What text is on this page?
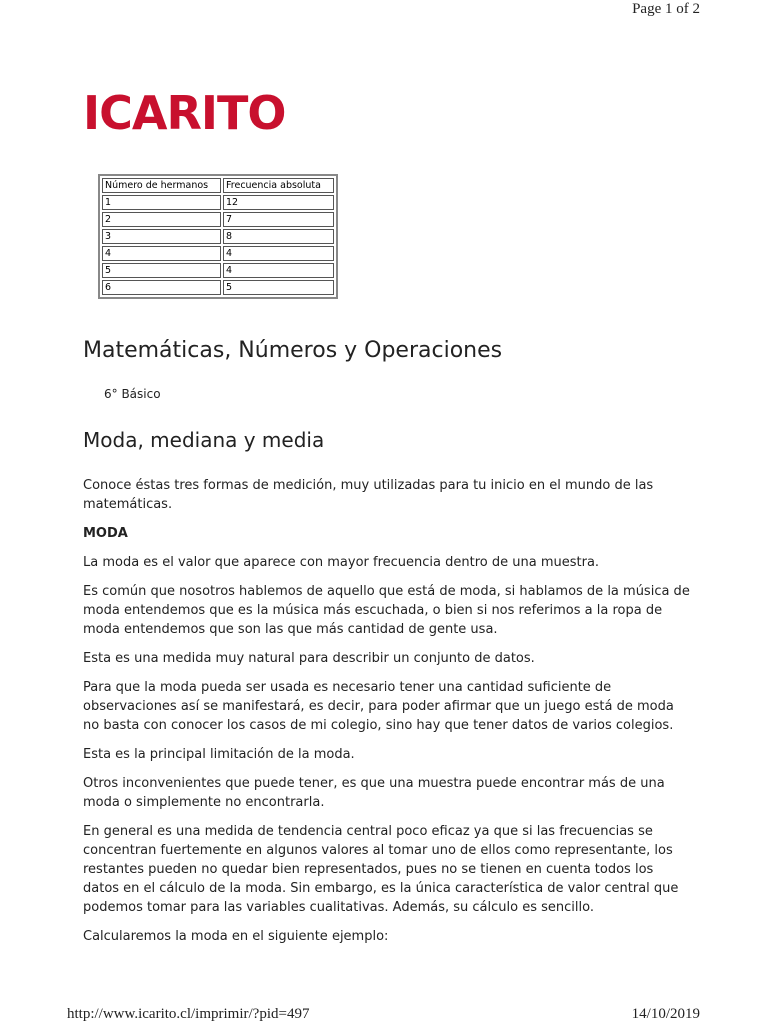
Page 1 of 2
ICARITO
Número de hermanos	Frecuencia absoluta
1	12
2	7
3	8
4	4
5	4
6	5
Matemáticas, Números y Operaciones
6° Básico
Moda, mediana y media

Conoce éstas tres formas de medición, muy utilizadas para tu inicio en el mundo de las matemáticas.

MODA

La moda es el valor que aparece con mayor frecuencia dentro de una muestra.

Es común que nosotros hablemos de aquello que está de moda, si hablamos de la música de moda entendemos que es la música más escuchada, o bien si nos referimos a la ropa de moda entendemos que son las que más cantidad de gente usa.

Esta es una medida muy natural para describir un conjunto de datos.

Para que la moda pueda ser usada es necesario tener una cantidad suficiente de observaciones así se manifestará, es decir, para poder afirmar que un juego está de moda no basta con conocer los casos de mi colegio, sino hay que tener datos de varios colegios.

Esta es la principal limitación de la moda.

Otros inconvenientes que puede tener, es que una muestra puede encontrar más de una moda o simplemente no encontrarla.

En general es una medida de tendencia central poco eficaz ya que si las frecuencias se concentran fuertemente en algunos valores al tomar uno de ellos como representante, los restantes pueden no quedar bien representados, pues no se tienen en cuenta todos los datos en el cálculo de la moda. Sin embargo, es la única característica de valor central que podemos tomar para las variables cualitativas. Además, su cálculo es sencillo.

Calcularemos la moda en el siguiente ejemplo:

http://www.icarito.cl/imprimir/?pid=497	14/10/2019
